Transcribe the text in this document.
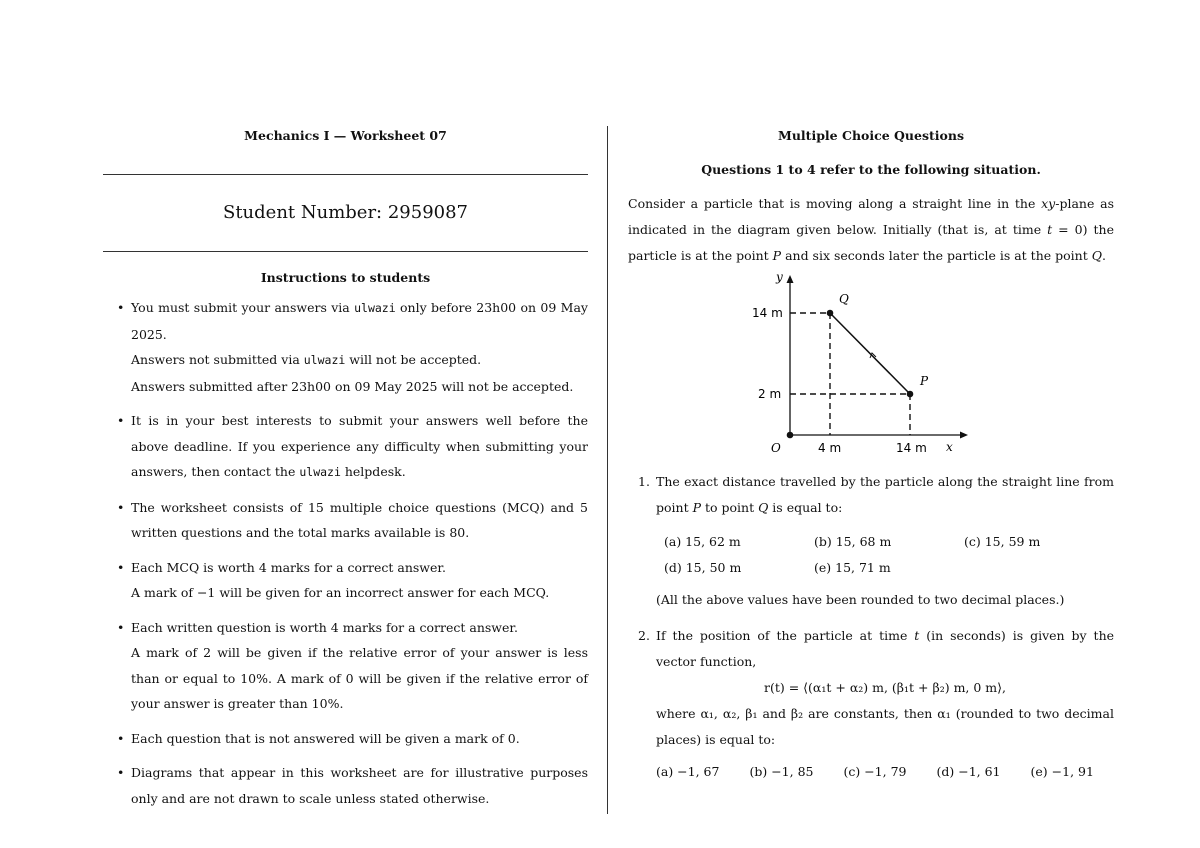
Mechanics I — Worksheet 07
Student Number: 2959087
Instructions to students
• You must submit your answers via ulwazi only before 23h00 on 09 May 2025.
Answers not submitted via ulwazi will not be accepted.
Answers submitted after 23h00 on 09 May 2025 will not be accepted.
• It is in your best interests to submit your answers well before the above deadline. If you experience any difficulty when submitting your answers, then contact the ulwazi helpdesk.
• The worksheet consists of 15 multiple choice questions (MCQ) and 5 written questions and the total marks available is 80.
• Each MCQ is worth 4 marks for a correct answer.
A mark of −1 will be given for an incorrect answer for each MCQ.
• Each written question is worth 4 marks for a correct answer.
A mark of 2 will be given if the relative error of your answer is less than or equal to 10%. A mark of 0 will be given if the relative error of your answer is greater than 10%.
• Each question that is not answered will be given a mark of 0.
• Diagrams that appear in this worksheet are for illustrative purposes only and are not drawn to scale unless stated otherwise.
Multiple Choice Questions
Questions 1 to 4 refer to the following situation.
Consider a particle that is moving along a straight line in the xy-plane as indicated in the diagram given below. Initially (that is, at time t = 0) the particle is at the point P and six seconds later the particle is at the point Q.
y
x
O
14 m
2 m
4 m	14 m
Q
P
1. The exact distance travelled by the particle along the straight line from point P to point Q is equal to:
(a) 15, 62 m	(b) 15, 68 m	(c) 15, 59 m
(d) 15, 50 m	(e) 15, 71 m
(All the above values have been rounded to two decimal places.)
2. If the position of the particle at time t (in seconds) is given by the vector function,
r(t) = ⟨(α₁t + α₂) m, (β₁t + β₂) m, 0 m⟩,
where α₁, α₂, β₁ and β₂ are constants, then α₁ (rounded to two decimal places) is equal to:
(a) −1, 67 (b) −1, 85 (c) −1, 79 (d) −1, 61 (e) −1, 91
